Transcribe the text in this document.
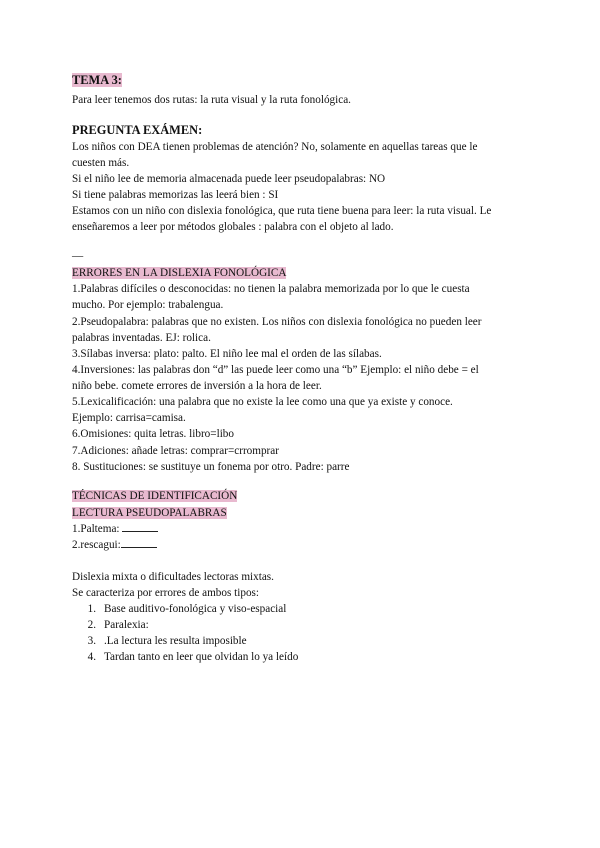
TEMA 3:
Para leer tenemos dos rutas: la ruta visual y la ruta fonológica.
PREGUNTA EXÁMEN:
Los niños con DEA tienen problemas de atención? No, solamente en aquellas tareas que le
cuesten más.
Si el niño lee de memoria almacenada puede leer pseudopalabras: NO
Si tiene palabras memorizas las leerá bien : SI
Estamos con un niño con dislexia fonológica, que ruta tiene buena para leer: la ruta visual. Le
enseñaremos a leer por métodos globales : palabra con el objeto al lado.
—
ERRORES EN LA DISLEXIA FONOLÓGICA
1.Palabras difíciles o desconocidas: no tienen la palabra memorizada por lo que le cuesta
mucho. Por ejemplo: trabalengua.
2.Pseudopalabra: palabras que no existen. Los niños con dislexia fonológica no pueden leer
palabras inventadas. EJ: rolica.
3.Sílabas inversa: plato: palto. El niño lee mal el orden de las sílabas.
4.Inversiones: las palabras don “d” las puede leer como una “b” Ejemplo: el niño debe = el
niño bebe. comete errores de inversión a la hora de leer.
5.Lexicalificación: una palabra que no existe la lee como una que ya existe y conoce.
Ejemplo: carrisa=camisa.
6.Omisiones: quita letras. libro=libo
7.Adiciones: añade letras: comprar=crromprar
8. Sustituciones: se sustituye un fonema por otro. Padre: parre
TÉCNICAS DE IDENTIFICACIÓN
LECTURA PSEUDOPALABRAS
1.Paltema:
2.rescagui:
Dislexia mixta o dificultades lectoras mixtas.
Se caracteriza por errores de ambos tipos:
1. Base auditivo-fonológica y viso-espacial
2. Paralexia:
3. .La lectura les resulta imposible
4. Tardan tanto en leer que olvidan lo ya leído
